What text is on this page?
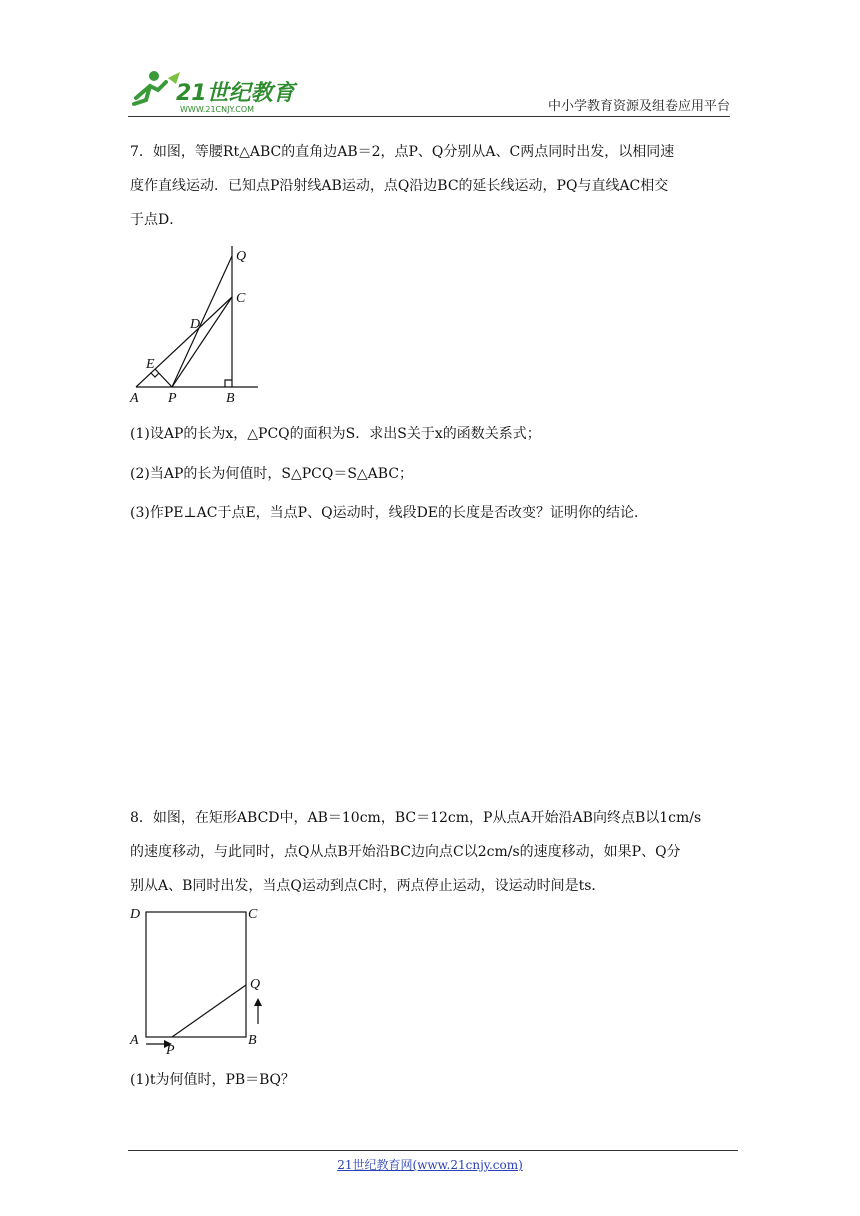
21世纪教育
WWW.21CNJY.COM	中小学教育资源及组卷应用平台
7．如图，等腰Rt△ABC的直角边AB＝2，点P、Q分别从A、C两点同时出发，以相同速
度作直线运动．已知点P沿射线AB运动，点Q沿边BC的延长线运动，PQ与直线AC相交
于点D．
Q
C
D
E
A P	B
(1)设AP的长为x，△PCQ的面积为S．求出S关于x的函数关系式；
(2)当AP的长为何值时，S△PCQ＝S△ABC；
(3)作PE⊥AC于点E，当点P、Q运动时，线段DE的长度是否改变？证明你的结论．
8．如图，在矩形ABCD中，AB＝10cm，BC＝12cm，P从点A开始沿AB向终点B以1cm/s
的速度移动，与此同时，点Q从点B开始沿BC边向点C以2cm/s的速度移动，如果P、Q分
别从A、B同时出发，当点Q运动到点C时，两点停止运动，设运动时间是ts．
D	C
Q
A
P
B
(1)t为何值时，PB＝BQ？
21世纪教育网(www.21cnjy.com)
